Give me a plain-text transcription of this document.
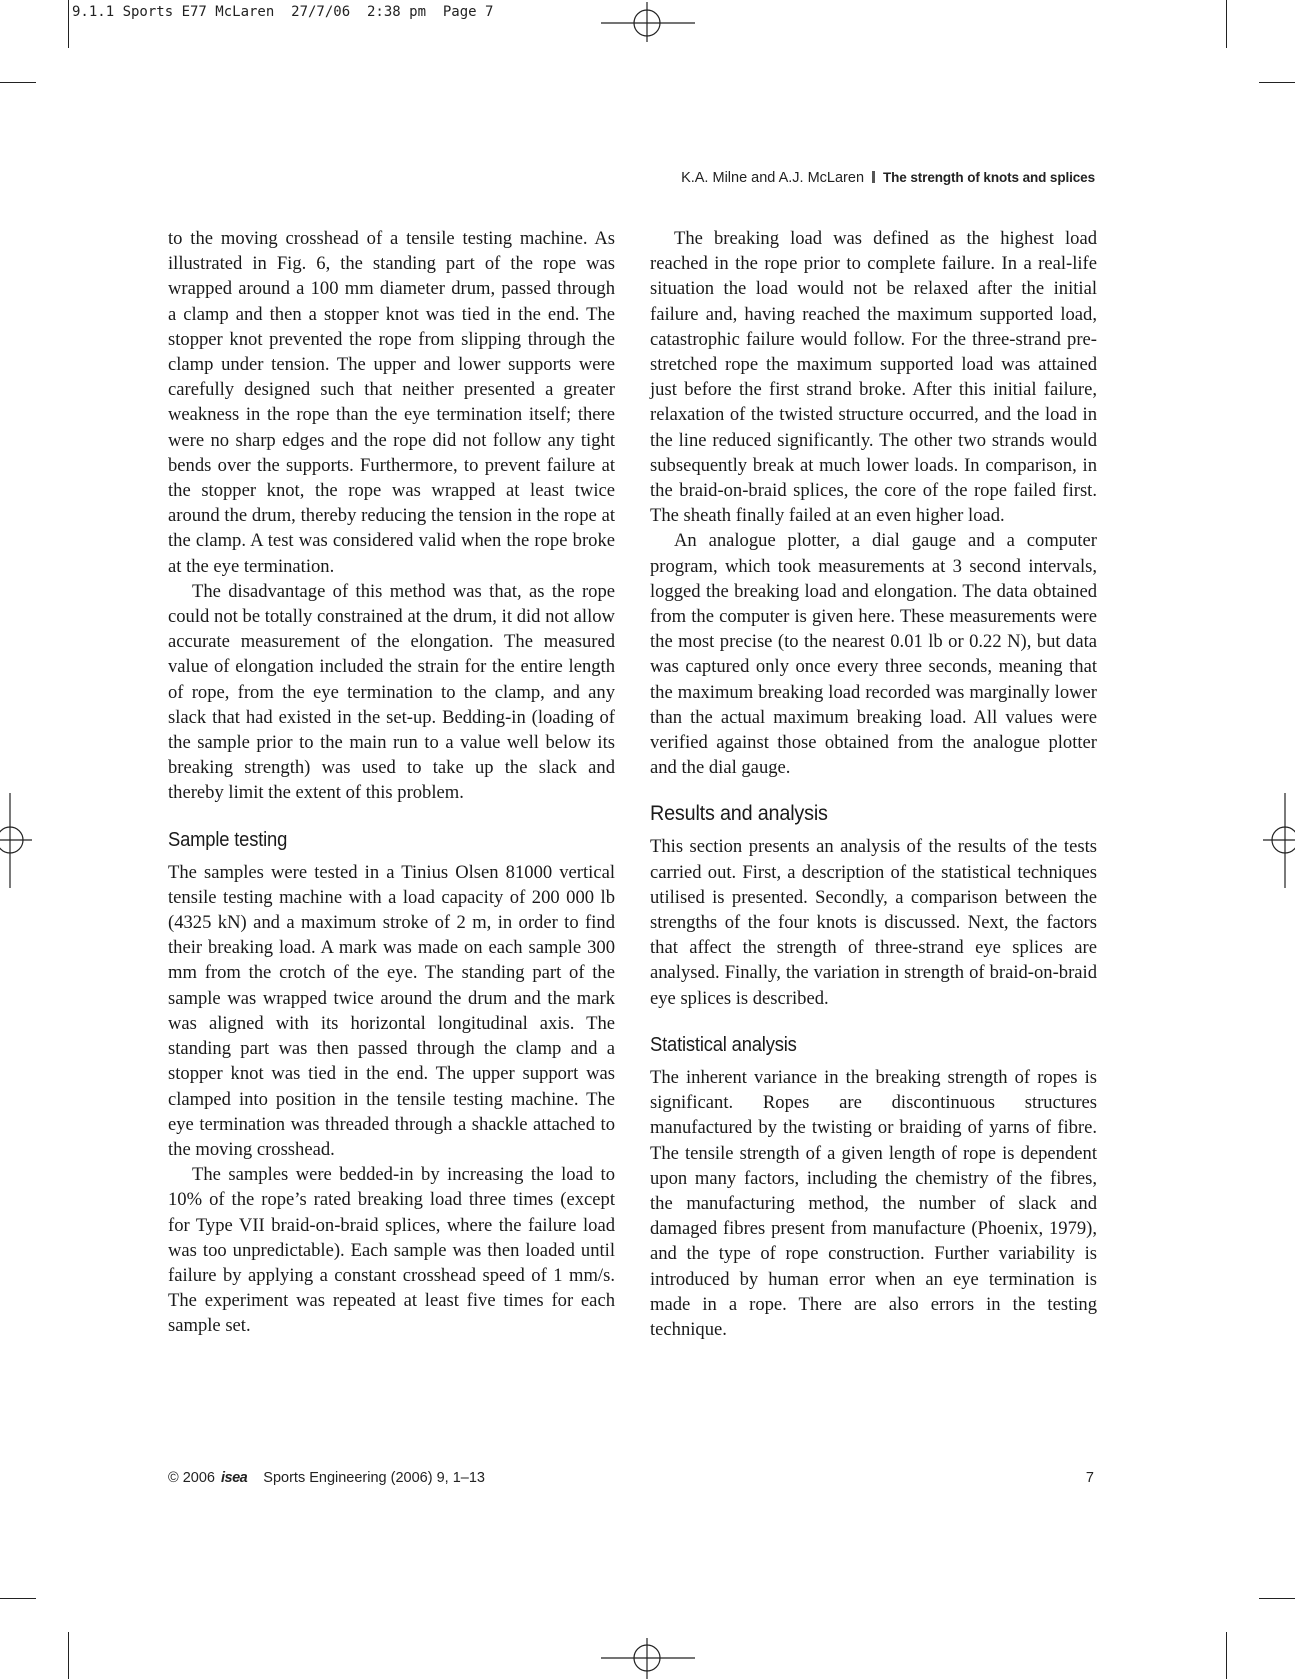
9.1.1 Sports E77 McLaren  27/7/06  2:38 pm  Page 7
K.A. Milne and A.J. McLaren The strength of knots and splices

to the moving crosshead of a tensile testing machine. As illustrated in Fig. 6, the standing part of the rope was wrapped around a 100 mm diameter drum, passed through a clamp and then a stopper knot was tied in the end. The stopper knot prevented the rope from slipping through the clamp under tension. The upper and lower supports were carefully designed such that neither presented a greater weakness in the rope than the eye termination itself; there were no sharp edges and the rope did not follow any tight bends over the supports. Furthermore, to prevent failure at the stopper knot, the rope was wrapped at least twice around the drum, thereby reducing the tension in the rope at the clamp. A test was considered valid when the rope broke at the eye termination.

The disadvantage of this method was that, as the rope could not be totally constrained at the drum, it did not allow accurate measurement of the elongation. The measured value of elongation included the strain for the entire length of rope, from the eye termination to the clamp, and any slack that had existed in the set-up. Bedding-in (loading of the sample prior to the main run to a value well below its breaking strength) was used to take up the slack and thereby limit the extent of this problem.

Sample testing

The samples were tested in a Tinius Olsen 81000 vertical tensile testing machine with a load capacity of 200 000 lb (4325 kN) and a maximum stroke of 2 m, in order to find their breaking load. A mark was made on each sample 300 mm from the crotch of the eye. The standing part of the sample was wrapped twice around the drum and the mark was aligned with its horizontal longitudinal axis. The standing part was then passed through the clamp and a stopper knot was tied in the end. The upper support was clamped into position in the tensile testing machine. The eye termination was threaded through a shackle attached to the moving crosshead.

The samples were bedded-in by increasing the load to 10% of the rope’s rated breaking load three times (except for Type VII braid-on-braid splices, where the failure load was too unpredictable). Each sample was then loaded until failure by applying a constant crosshead speed of 1 mm/s. The experiment was repeated at least five times for each sample set.

The breaking load was defined as the highest load reached in the rope prior to complete failure. In a real-life situation the load would not be relaxed after the initial failure and, having reached the maximum supported load, catastrophic failure would follow. For the three-strand pre-stretched rope the maximum supported load was attained just before the first strand broke. After this initial failure, relaxation of the twisted structure occurred, and the load in the line reduced significantly. The other two strands would subsequently break at much lower loads. In comparison, in the braid-on-braid splices, the core of the rope failed first. The sheath finally failed at an even higher load.

An analogue plotter, a dial gauge and a computer program, which took measurements at 3 second intervals, logged the breaking load and elongation. The data obtained from the computer is given here. These measurements were the most precise (to the nearest 0.01 lb or 0.22 N), but data was captured only once every three seconds, meaning that the maximum breaking load recorded was marginally lower than the actual maximum breaking load. All values were verified against those obtained from the analogue plotter and the dial gauge.

Results and analysis

This section presents an analysis of the results of the tests carried out. First, a description of the statistical techniques utilised is presented. Secondly, a comparison between the strengths of the four knots is discussed. Next, the factors that affect the strength of three-strand eye splices are analysed. Finally, the variation in strength of braid-on-braid eye splices is described.

Statistical analysis

The inherent variance in the breaking strength of ropes is significant. Ropes are discontinuous structures manufactured by the twisting or braiding of yarns of fibre. The tensile strength of a given length of rope is dependent upon many factors, including the chemistry of the fibres, the manufacturing method, the number of slack and damaged fibres present from manufacture (Phoenix, 1979), and the type of rope construction. Further variability is introduced by human error when an eye termination is made in a rope. There are also errors in the testing technique.

© 2006 isea Sports Engineering (2006) 9, 1–13	7
